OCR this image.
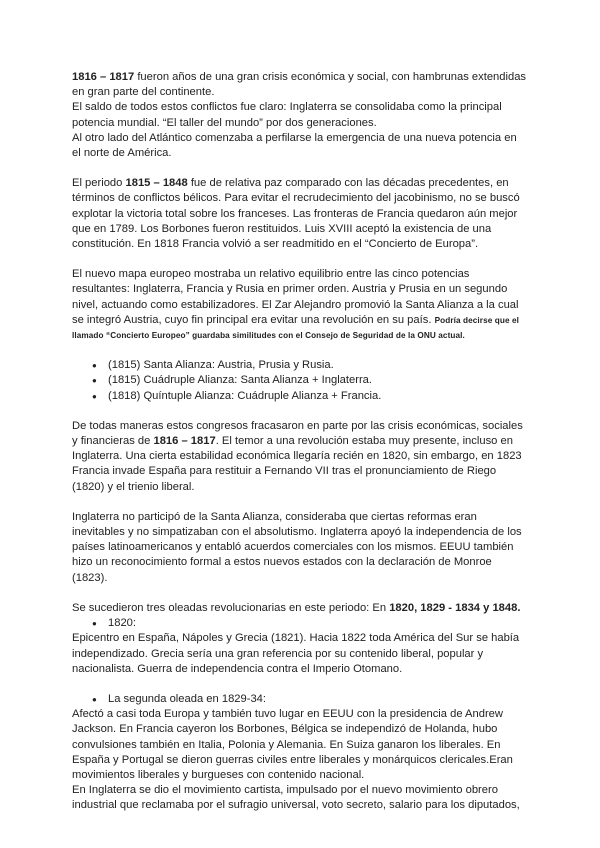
1816 – 1817 fueron años de una gran crisis económica y social, con hambrunas extendidas en gran parte del continente.

El saldo de todos estos conflictos fue claro: Inglaterra se consolidaba como la principal potencia mundial. “El taller del mundo” por dos generaciones.

Al otro lado del Atlántico comenzaba a perfilarse la emergencia de una nueva potencia en el norte de América.

El periodo 1815 – 1848 fue de relativa paz comparado con las décadas precedentes, en términos de conflictos bélicos. Para evitar el recrudecimiento del jacobinismo, no se buscó explotar la victoria total sobre los franceses. Las fronteras de Francia quedaron aún mejor que en 1789. Los Borbones fueron restituidos. Luis XVIII aceptó la existencia de una constitución. En 1818 Francia volvió a ser readmitido en el “Concierto de Europa”.

El nuevo mapa europeo mostraba un relativo equilibrio entre las cinco potencias resultantes: Inglaterra, Francia y Rusia en primer orden. Austria y Prusia en un segundo nivel, actuando como estabilizadores. El Zar Alejandro promovió la Santa Alianza a la cual se integró Austria, cuyo fin principal era evitar una revolución en su país. Podría decirse que el llamado “Concierto Europeo” guardaba similitudes con el Consejo de Seguridad de la ONU actual.

● (1815) Santa Alianza: Austria, Prusia y Rusia.
● (1815) Cuádruple Alianza: Santa Alianza + Inglaterra.
● (1818) Quíntuple Alianza: Cuádruple Alianza + Francia.

De todas maneras estos congresos fracasaron en parte por las crisis económicas, sociales y financieras de 1816 – 1817. El temor a una revolución estaba muy presente, incluso en Inglaterra. Una cierta estabilidad económica llegaría recién en 1820, sin embargo, en 1823 Francia invade España para restituir a Fernando VII tras el pronunciamiento de Riego (1820) y el trienio liberal.

Inglaterra no participó de la Santa Alianza, consideraba que ciertas reformas eran inevitables y no simpatizaban con el absolutismo. Inglaterra apoyó la independencia de los países latinoamericanos y entabló acuerdos comerciales con los mismos. EEUU también hizo un reconocimiento formal a estos nuevos estados con la declaración de Monroe (1823).

Se sucedieron tres oleadas revolucionarias en este periodo: En 1820, 1829 - 1834 y 1848.

● 1820:

Epicentro en España, Nápoles y Grecia (1821). Hacia 1822 toda América del Sur se había independizado. Grecia sería una gran referencia por su contenido liberal, popular y nacionalista. Guerra de independencia contra el Imperio Otomano.

● La segunda oleada en 1829-34:

Afectó a casi toda Europa y también tuvo lugar en EEUU con la presidencia de Andrew Jackson. En Francia cayeron los Borbones, Bélgica se independizó de Holanda, hubo convulsiones también en Italia, Polonia y Alemania. En Suiza ganaron los liberales. En España y Portugal se dieron guerras civiles entre liberales y monárquicos clericales.Eran movimientos liberales y burgueses con contenido nacional.

En Inglaterra se dio el movimiento cartista, impulsado por el nuevo movimiento obrero industrial que reclamaba por el sufragio universal, voto secreto, salario para los diputados,
